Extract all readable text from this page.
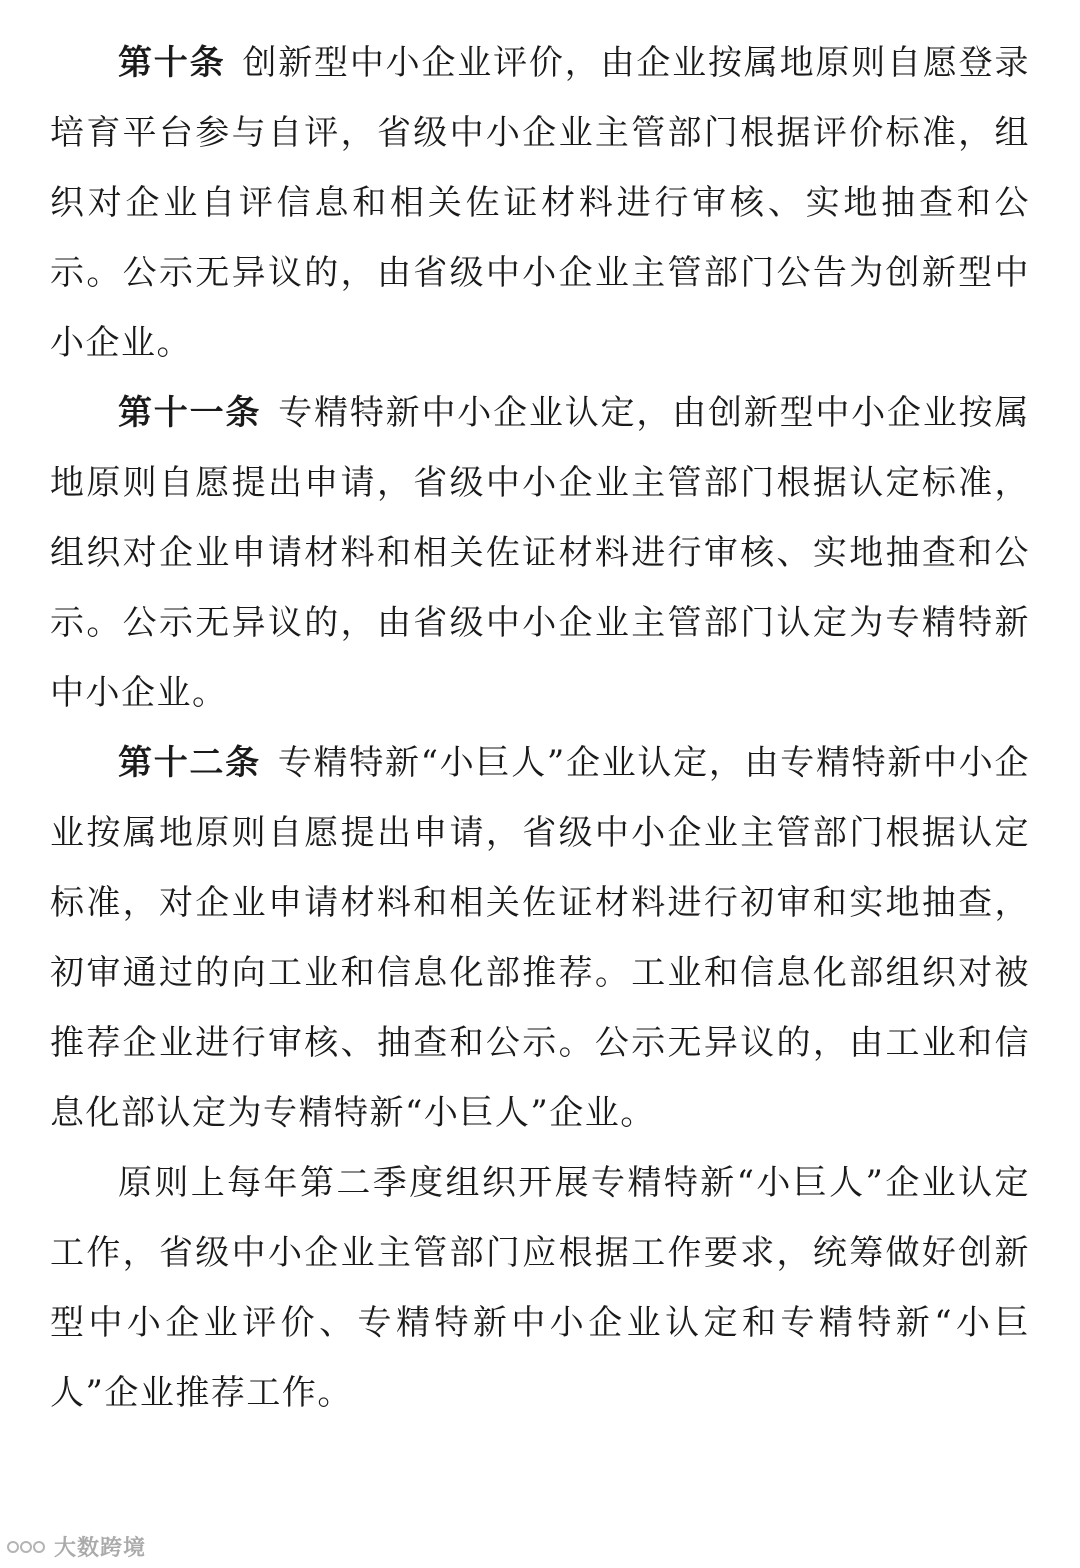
第十条 创新型中小企业评价，由企业按属地原则自愿登录培育平台参与自评，省级中小企业主管部门根据评价标准，组织对企业自评信息和相关佐证材料进行审核、实地抽查和公示。公示无异议的，由省级中小企业主管部门公告为创新型中小企业。

第十一条 专精特新中小企业认定，由创新型中小企业按属地原则自愿提出申请，省级中小企业主管部门根据认定标准，组织对企业申请材料和相关佐证材料进行审核、实地抽查和公示。公示无异议的，由省级中小企业主管部门认定为专精特新中小企业。

第十二条 专精特新“小巨人”企业认定，由专精特新中小企业按属地原则自愿提出申请，省级中小企业主管部门根据认定标准，对企业申请材料和相关佐证材料进行初审和实地抽查，初审通过的向工业和信息化部推荐。工业和信息化部组织对被推荐企业进行审核、抽查和公示。公示无异议的，由工业和信息化部认定为专精特新“小巨人”企业。

原则上每年第二季度组织开展专精特新“小巨人”企业认定工作，省级中小企业主管部门应根据工作要求，统筹做好创新型中小企业评价、专精特新中小企业认定和专精特新“小巨人”企业推荐工作。

大数跨境
